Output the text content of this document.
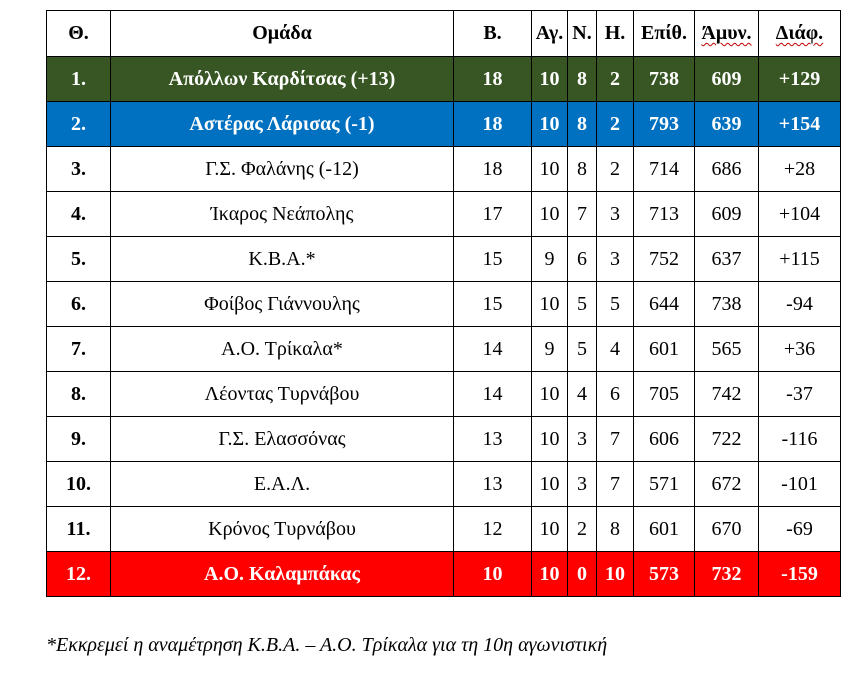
Θ.	Ομάδα	Β.	Αγ.	Ν.	Η.	Επίθ.	Άμυν.	Διάφ.
1.	Απόλλων Καρδίτσας (+13)	18	10	8	2	738	609	+129
2.	Αστέρας Λάρισας (-1)	18	10	8	2	793	639	+154
3.	Γ.Σ. Φαλάνης (-12)	18	10	8	2	714	686	+28
4.	Ίκαρος Νεάπολης	17	10	7	3	713	609	+104
5.	Κ.Β.Α.*	15	9	6	3	752	637	+115
6.	Φοίβος Γιάννουλης	15	10	5	5	644	738	-94
7.	Α.Ο. Τρίκαλα*	14	9	5	4	601	565	+36
8.	Λέοντας Τυρνάβου	14	10	4	6	705	742	-37
9.	Γ.Σ. Ελασσόνας	13	10	3	7	606	722	-116
10.	Ε.Α.Λ.	13	10	3	7	571	672	-101
11.	Κρόνος Τυρνάβου	12	10	2	8	601	670	-69
12.	Α.Ο. Καλαμπάκας	10	10	0	10	573	732	-159
*Εκκρεμεί η αναμέτρηση Κ.Β.Α. – Α.Ο. Τρίκαλα για τη 10η αγωνιστική
